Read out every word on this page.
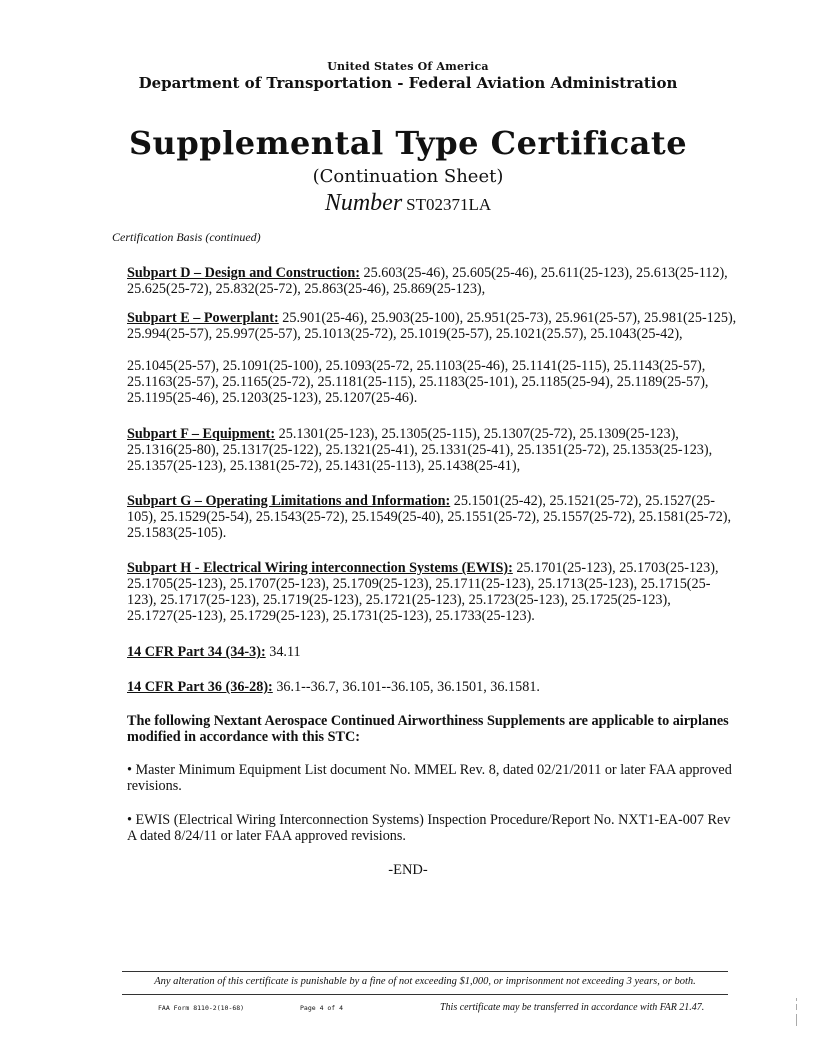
United States Of America
Department of Transportation - Federal Aviation Administration
Supplemental Type Certificate
(Continuation Sheet)
Number ST02371LA
Certification Basis (continued)
Subpart D – Design and Construction: 25.603(25-46), 25.605(25-46), 25.611(25-123), 25.613(25-112), 25.625(25-72), 25.832(25-72), 25.863(25-46), 25.869(25-123),
Subpart E – Powerplant: 25.901(25-46), 25.903(25-100), 25.951(25-73), 25.961(25-57), 25.981(25-125), 25.994(25-57), 25.997(25-57), 25.1013(25-72), 25.1019(25-57), 25.1021(25.57), 25.1043(25-42),
25.1045(25-57), 25.1091(25-100), 25.1093(25-72, 25.1103(25-46), 25.1141(25-115), 25.1143(25-57), 25.1163(25-57), 25.1165(25-72), 25.1181(25-115), 25.1183(25-101), 25.1185(25-94), 25.1189(25-57), 25.1195(25-46), 25.1203(25-123), 25.1207(25-46).
Subpart F – Equipment: 25.1301(25-123), 25.1305(25-115), 25.1307(25-72), 25.1309(25-123), 25.1316(25-80), 25.1317(25-122), 25.1321(25-41), 25.1331(25-41), 25.1351(25-72), 25.1353(25-123), 25.1357(25-123), 25.1381(25-72), 25.1431(25-113), 25.1438(25-41),
Subpart G – Operating Limitations and Information: 25.1501(25-42), 25.1521(25-72), 25.1527(25-105), 25.1529(25-54), 25.1543(25-72), 25.1549(25-40), 25.1551(25-72), 25.1557(25-72), 25.1581(25-72), 25.1583(25-105).
Subpart H - Electrical Wiring interconnection Systems (EWIS): 25.1701(25-123), 25.1703(25-123), 25.1705(25-123), 25.1707(25-123), 25.1709(25-123), 25.1711(25-123), 25.1713(25-123), 25.1715(25-123), 25.1717(25-123), 25.1719(25-123), 25.1721(25-123), 25.1723(25-123), 25.1725(25-123), 25.1727(25-123), 25.1729(25-123), 25.1731(25-123), 25.1733(25-123).
14 CFR Part 34 (34-3): 34.11
14 CFR Part 36 (36-28): 36.1--36.7, 36.101--36.105, 36.1501, 36.1581.
The following Nextant Aerospace Continued Airworthiness Supplements are applicable to airplanes modified in accordance with this STC:
• Master Minimum Equipment List document No. MMEL Rev. 8, dated 02/21/2011 or later FAA approved revisions.
• EWIS (Electrical Wiring Interconnection Systems) Inspection Procedure/Report No. NXT1-EA-007 Rev A dated 8/24/11 or later FAA approved revisions.
-END-
Any alteration of this certificate is punishable by a fine of not exceeding $1,000, or imprisonment not exceeding 3 years, or both.
FAA Form 8110-2(10-68)	Page 4 of 4	This certificate may be transferred in accordance with FAR 21.47.
